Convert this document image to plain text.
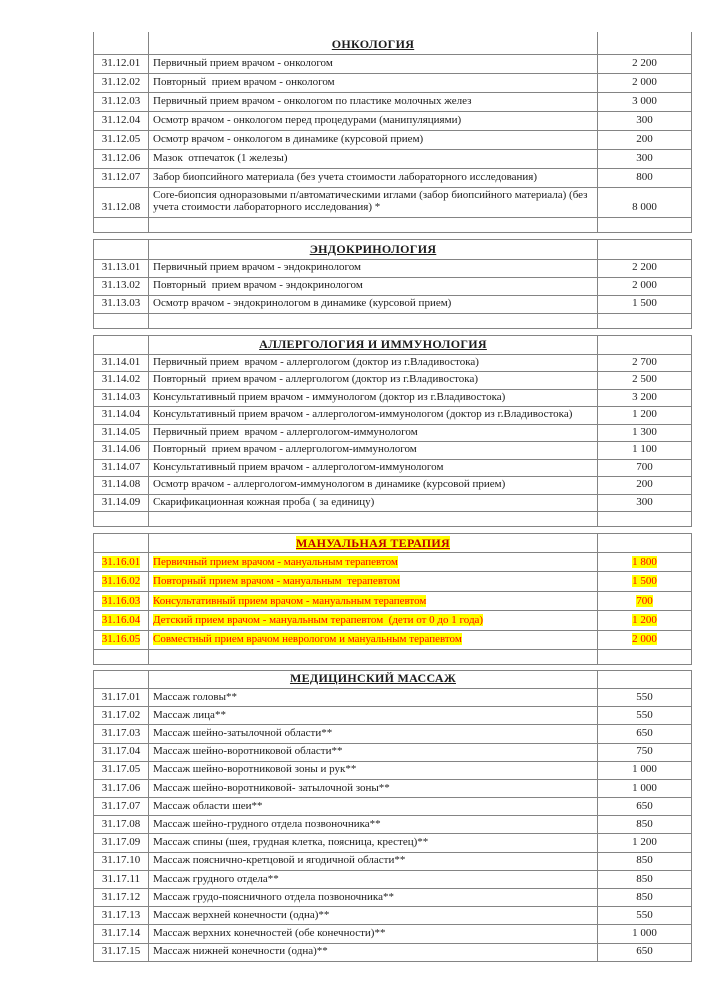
	ОНКОЛОГИЯ	
31.12.01	Первичный прием врачом - онкологом	2 200
31.12.02	Повторный  прием врачом - онкологом	2 000
31.12.03	Первичный прием врачом - онкологом по пластике молочных желез	3 000
31.12.04	Осмотр врачом - онкологом перед процедурами (манипуляциями)	300
31.12.05	Осмотр врачом - онкологом в динамике (курсовой прием)	200
31.12.06	Мазок  отпечаток (1 железы)	300
31.12.07	Забор биопсийного материала (без учета стоимости лабораторного исследования)	800
31.12.08	Core-биопсия одноразовыми п/автоматическими иглами (забор биопсийного материала) (без учета стоимости лабораторного исследования) *	8 000

	ЭНДОКРИНОЛОГИЯ	
31.13.01	Первичный прием врачом - эндокринологом	2 200
31.13.02	Повторный  прием врачом - эндокринологом	2 000
31.13.03	Осмотр врачом - эндокринологом в динамике (курсовой прием)	1 500

	АЛЛЕРГОЛОГИЯ И ИММУНОЛОГИЯ	
31.14.01	Первичный прием  врачом - аллергологом (доктор из г.Владивостока)	2 700
31.14.02	Повторный  прием врачом - аллергологом (доктор из г.Владивостока)	2 500
31.14.03	Консультативный прием врачом - иммунологом (доктор из г.Владивостока)	3 200
31.14.04	Консультативный прием врачом - аллергологом-иммунологом (доктор из г.Владивостока)	1 200
31.14.05	Первичный прием  врачом - аллергологом-иммунологом	1 300
31.14.06	Повторный  прием врачом - аллергологом-иммунологом	1 100
31.14.07	Консультативный прием врачом - аллергологом-иммунологом	700
31.14.08	Осмотр врачом - аллергологом-иммунологом в динамике (курсовой прием)	200
31.14.09	Скарификационная кожная проба ( за единицу)	300

	МАНУАЛЬНАЯ ТЕРАПИЯ	
31.16.01	Первичный прием врачом - мануальным терапевтом	1 800
31.16.02	Повторный прием врачом - мануальным  терапевтом	1 500
31.16.03	Консультативный прием врачом - мануальным терапевтом	700
31.16.04	Детский прием врачом - мануальным терапевтом  (дети от 0 до 1 года)	1 200
31.16.05	Совместный прием врачом неврологом и мануальным терапевтом	2 000

	МЕДИЦИНСКИЙ МАССАЖ	
31.17.01	Массаж головы**	550
31.17.02	Массаж лица**	550
31.17.03	Массаж шейно-затылочной области**	650
31.17.04	Массаж шейно-воротниковой области**	750
31.17.05	Массаж шейно-воротниковой зоны и рук**	1 000
31.17.06	Массаж шейно-воротниковой- затылочной зоны**	1 000
31.17.07	Массаж области шеи**	650
31.17.08	Массаж шейно-грудного отдела позвоночника**	850
31.17.09	Массаж спины (шея, грудная клетка, поясница, крестец)**	1 200
31.17.10	Массаж пояснично-кретцовой и ягодичной области**	850
31.17.11	Массаж грудного отдела**	850
31.17.12	Массаж грудо-поясничного отдела позвоночника**	850
31.17.13	Массаж верхней конечности (одна)**	550
31.17.14	Массаж верхних конечностей (обе конечности)**	1 000
31.17.15	Массаж нижней конечности (одна)**	650
